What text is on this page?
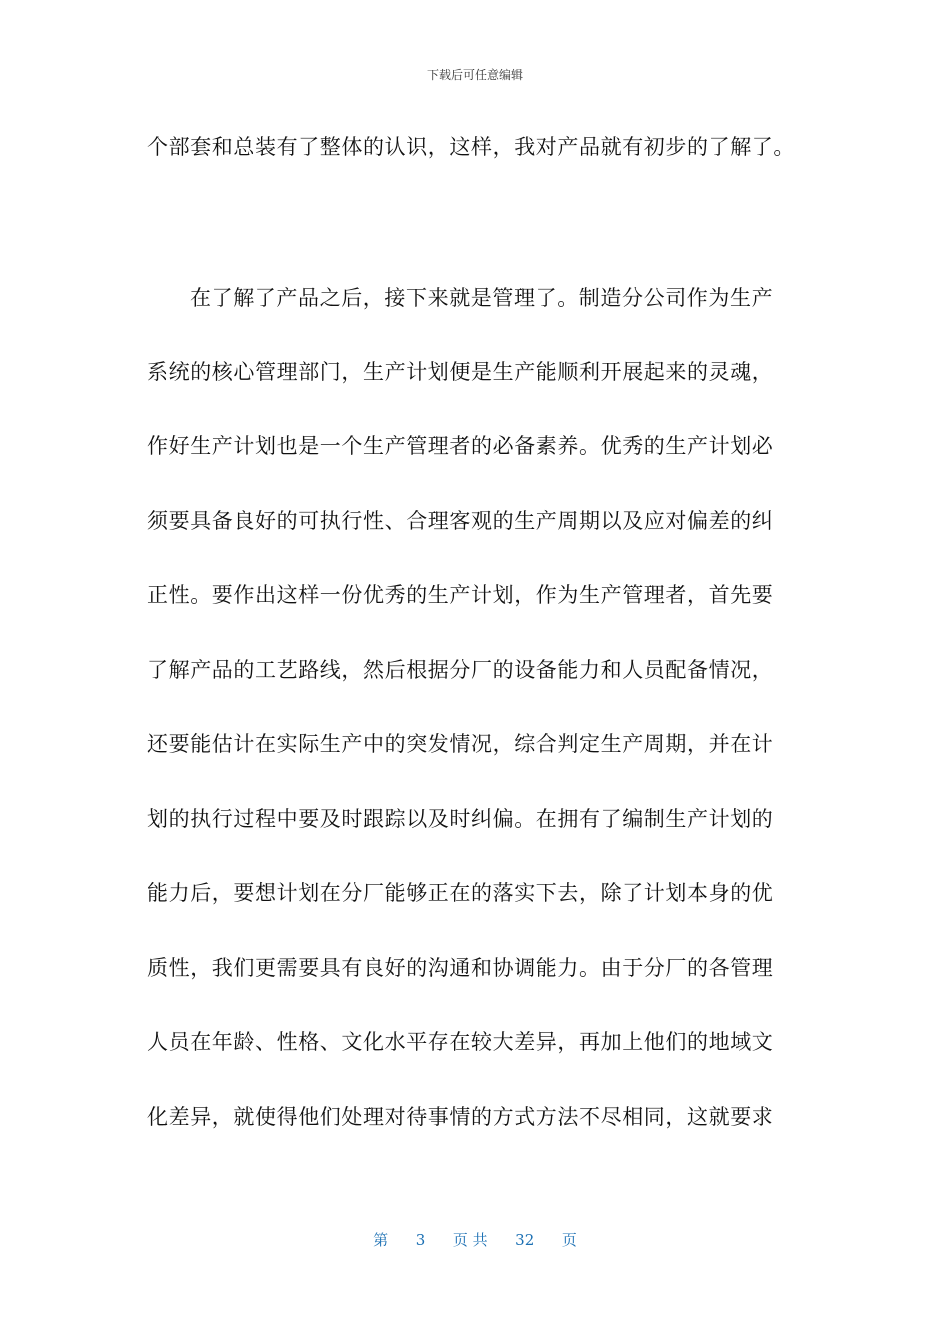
下载后可任意编辑
个部套和总装有了整体的认识，这样，我对产品就有初步的了解了。
在了解了产品之后，接下来就是管理了。制造分公司作为生产
系统的核心管理部门，生产计划便是生产能顺利开展起来的灵魂，
作好生产计划也是一个生产管理者的必备素养。优秀的生产计划必
须要具备良好的可执行性、合理客观的生产周期以及应对偏差的纠
正性。要作出这样一份优秀的生产计划，作为生产管理者，首先要
了解产品的工艺路线，然后根据分厂的设备能力和人员配备情况，
还要能估计在实际生产中的突发情况，综合判定生产周期，并在计
划的执行过程中要及时跟踪以及时纠偏。在拥有了编制生产计划的
能力后，要想计划在分厂能够正在的落实下去，除了计划本身的优
质性，我们更需要具有良好的沟通和协调能力。由于分厂的各管理
人员在年龄、性格、文化水平存在较大差异，再加上他们的地域文
化差异，就使得他们处理对待事情的方式方法不尽相同，这就要求
第 3 页 共 32 页
